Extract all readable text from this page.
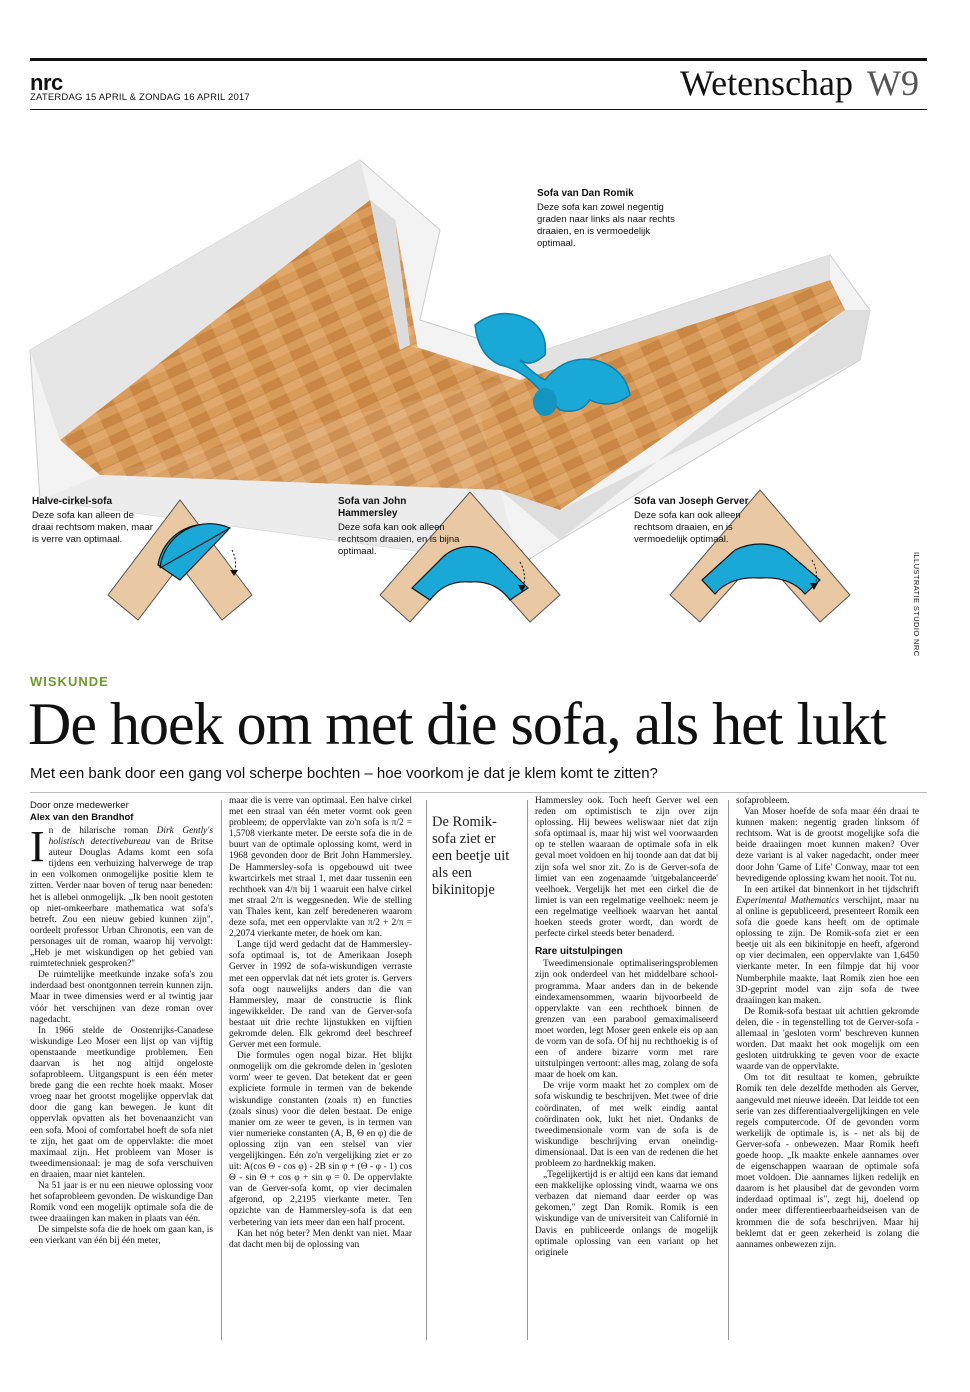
nrc
ZATERDAG 15 APRIL & ZONDAG 16 APRIL 2017	Wetenschap W9
Sofa van Dan Romik
Deze sofa kan zowel negentig graden naar links als naar rechts draaien, en is vermoedelijk optimaal.
Halve-cirkel-sofa
Deze sofa kan alleen de draai rechtsom maken, maar is verre van optimaal.
Sofa van John Hammersley
Deze sofa kan ook alleen rechtsom draaien, en is bijna optimaal.
Sofa van Joseph Gerver
Deze sofa kan ook alleen rechtsom draaien, en is vermoedelijk optimaal.
ILLUSTRATIE STUDIO NRC
WISKUNDE
De hoek om met die sofa, als het lukt
Met een bank door een gang vol scherpe bochten – hoe voorkom je dat je klem komt te zitten?
Door onze medewerker
Alex van den Brandhof
I n de hilarische roman Dirk Gently's holistisch detectivebureau van de Britse auteur Douglas Adams komt een sofa tijdens een verhuizing halverwege de trap in een volkomen onmogelijke positie klem te zitten. Verder naar boven of terug naar beneden: het is allebei onmogelijk. „Ik ben nooit gestoten op niet-omkeerbare mathematica wat sofa's betreft. Zou een nieuw gebied kunnen zijn", oordeelt professor Urban Chronotis, een van de personages uit de roman, waarop hij vervolgt: „Heb je met wiskundigen op het gebied van ruimtetechniek gesproken?"

De ruimtelijke meetkunde inzake sofa's zou inderdaad best onontgonnen terrein kunnen zijn. Maar in twee dimensies werd er al twintig jaar vóór het verschijnen van deze roman over nagedacht.

In 1966 stelde de Oostenrijks-Canadese wiskundige Leo Moser een lijst op van vijftig openstaande meetkundige problemen. Een daarvan is het nog altijd ongeloste sofaprobleem. Uitgangspunt is een één meter brede gang die een rechte hoek maakt. Moser vroeg naar het grootst mogelijke oppervlak dat door die gang kan bewegen. Je kunt dit oppervlak opvatten als het bovenaanzicht van een sofa. Mooi of comfortabel hoeft de sofa niet te zijn, het gaat om de oppervlakte: die moet maximaal zijn. Het probleem van Moser is tweedimensionaal: je mag de sofa verschuiven en draaien, maar niet kantelen.

Na 51 jaar is er nu een nieuwe oplossing voor het sofaprobleem gevonden. De wiskundige Dan Romik vond een mogelijk optimale sofa die de twee draaiingen kan maken in plaats van één.

De simpelste sofa die de hoek om gaan kan, is een vierkant van één bij één meter,

maar die is verre van optimaal. Een halve cirkel met een straal van één meter vormt ook geen probleem; de oppervlakte van zo'n sofa is π/2 = 1,5708 vierkante meter. De eerste sofa die in de buurt van de optimale oplossing komt, werd in 1968 gevonden door de Brit John Hammersley. De Hammersley-sofa is opgebouwd uit twee kwartcirkels met straal 1, met daar tussenin een rechthoek van 4/π bij 1 waaruit een halve cirkel met straal 2/π is weggesneden. Wie de stelling van Thales kent, kan zelf beredeneren waarom deze sofa, met een oppervlakte van π/2 + 2/π = 2,2074 vierkante meter, de hoek om kan.

Lange tijd werd gedacht dat de Hammersley-sofa optimaal is, tot de Amerikaan Joseph Gerver in 1992 de sofa-wiskundigen verraste met een oppervlak dat nét iets groter is. Gervers sofa oogt nauwelijks anders dan die van Hammersley, maar de constructie is flink ingewikkelder. De rand van de Gerver-sofa bestaat uit drie rechte lijnstukken en vijftien gekromde delen. Elk gekromd deel beschreef Gerver met een formule.

Die formules ogen nogal bizar. Het blijkt onmogelijk om die gekromde delen in 'gesloten vorm' weer te geven. Dat betekent dat er geen expliciete formule in termen van de bekende wiskundige constanten (zoals π) en functies (zoals sinus) voor die delen bestaat. De enige manier om ze weer te geven, is in termen van vier numerieke constanten (A, B, Θ en φ) die de oplossing zijn van een stelsel van vier vergelijkingen. Eén zo'n vergelijking ziet er zo uit: A(cos Θ - cos φ) - 2B sin φ + (Θ - φ - 1) cos Θ - sin Θ + cos φ + sin φ = 0. De oppervlakte van de Gerver-sofa komt, op vier decimalen afgerond, op 2,2195 vierkante meter. Ten opzichte van de Hammersley-sofa is dat een verbetering van iets meer dan een half procent.

Kan het nóg beter? Men denkt van niet. Maar dat dacht men bij de oplossing van

De Romik-sofa ziet er een beetje uit als een bikinitopje

Hammersley ook. Toch heeft Gerver wel een reden om optimistisch te zijn over zijn oplossing. Hij bewees weliswaar niet dat zijn sofa optimaal is, maar hij wist wel voorwaarden op te stellen waaraan de optimale sofa in elk geval moet voldoen en hij toonde aan dat dat bij zijn sofa wel snor zit. Zo is de Gerver-sofa de limiet van een zogenaamde 'uitgebalanceerde' veelhoek. Vergelijk het met een cirkel die de limiet is van een regelmatige veelhoek: neem je een regelmatige veelhoek waarvan het aantal hoeken steeds groter wordt, dan wordt de perfecte cirkel steeds beter benaderd.

Rare uitstulpingen

Tweedimensionale optimaliseringsproblemen zijn ook onderdeel van het middelbare school-programma. Maar anders dan in de bekende eindexamensommen, waarin bijvoorbeeld de oppervlakte van een rechthoek binnen de grenzen van een parabool gemaximaliseerd moet worden, legt Moser geen enkele eis op aan de vorm van de sofa. Of hij nu rechthoekig is of een of andere bizarre vorm met rare uitstulpingen vertoont: alles mag, zolang de sofa maar de hoek om kan.

De vrije vorm maakt het zo complex om de sofa wiskundig te beschrijven. Met twee of drie coördinaten, of met welk eindig aantal coördinaten ook, lukt het niet. Ondanks de tweedimensionale vorm van de sofa is de wiskundige beschrijving ervan oneindig-dimensionaal. Dat is een van de redenen die het probleem zo hardnekkig maken.

„Tegelijkertijd is er altijd een kans dat iemand een makkelijke oplossing vindt, waarna we ons verbazen dat niemand daar eerder op was gekomen," zegt Dan Romik. Romik is een wiskundige van de universiteit van Californië in Davis en publiceerde onlangs de mogelijk optimale oplossing van een variant op het originele

sofaprobleem.

Van Moser hoefde de sofa maar één draai te kunnen maken: negentig graden linksom óf rechtsom. Wat is de grootst mogelijke sofa die beide draaiingen moet kunnen maken? Over deze variant is al vaker nagedacht, onder meer door John 'Game of Life' Conway, maar tot een bevredigende oplossing kwam het nooit. Tot nu.

In een artikel dat binnenkort in het tijdschrift Experimental Mathematics verschijnt, maar nu al online is gepubliceerd, presenteert Romik een sofa die goede kans heeft om de optimale oplossing te zijn. De Romik-sofa ziet er een beetje uit als een bikinitopje en heeft, afgerond op vier decimalen, een oppervlakte van 1,6450 vierkante meter. In een filmpje dat hij voor Numberphile maakte, laat Romik zien hoe een 3D-geprint model van zijn sofa de twee draaiingen kan maken.

De Romik-sofa bestaat uit achttien gekromde delen, die - in tegenstelling tot de Gerver-sofa - allemaal in 'gesloten vorm' beschreven kunnen worden. Dat maakt het ook mogelijk om een gesloten uitdrukking te geven voor de exacte waarde van de oppervlakte.

Om tot dit resultaat te komen, gebruikte Romik ten dele dezelfde methoden als Gerver, aangevuld met nieuwe ideeën. Dat leidde tot een serie van zes differentiaalvergelijkingen en vele regels computercode. Of de gevonden vorm werkelijk de optimale is, is - net als bij de Gerver-sofa - onbewezen. Maar Romik heeft goede hoop. „Ik maakte enkele aannames over de eigenschappen waaraan de optimale sofa moet voldoen. Die aannames lijken redelijk en daarom is het plausibel dat de gevonden vorm inderdaad optimaal is", zegt hij, doelend op onder meer differentieerbaarheidseisen van de krommen die de sofa beschrijven. Maar hij beklemt dat er geen zekerheid is zolang die aannames onbewezen zijn.
